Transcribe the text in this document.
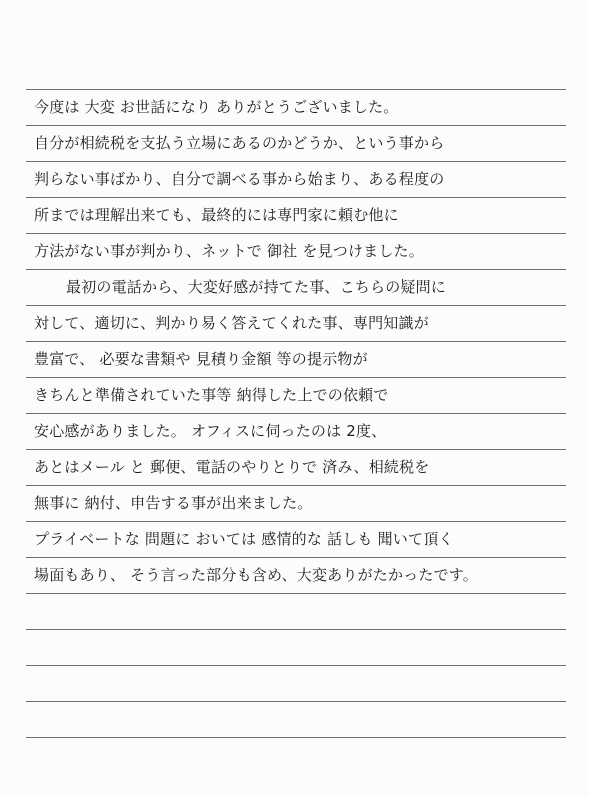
今度は 大変 お世話になり ありがとうございました。
自分が相続税を支払う立場にあるのかどうか、という事から
判らない事ばかり、自分で調べる事から始まり、ある程度の
所までは理解出来ても、最終的には専門家に頼む他に
方法がない事が判かり、ネットで 御社 を見つけました。
最初の電話から、大変好感が持てた事、こちらの疑問に
対して、適切に、判かり易く答えてくれた事、専門知識が
豊富で、 必要な書類や 見積り金額 等の提示物が
きちんと準備されていた事等 納得した上での依頼で
安心感がありました。 オフィスに伺ったのは 2度、
あとはメール と 郵便、電話のやりとりで 済み、相続税を
無事に 納付、申告する事が出来ました。
プライベートな 問題に おいては 感情的な 話しも 聞いて頂く
場面もあり、 そう言った部分も含め、大変ありがたかったです。
